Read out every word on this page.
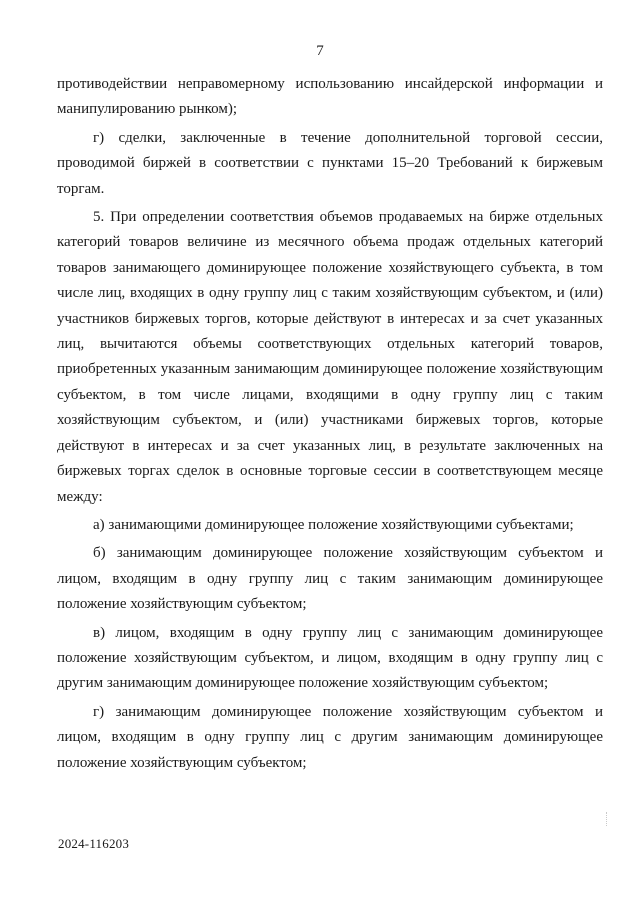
7

противодействии неправомерному использованию инсайдерской информации и манипулированию рынком);

г) сделки, заключенные в течение дополнительной торговой сессии, проводимой биржей в соответствии с пунктами 15–20 Требований к биржевым торгам.

5. При определении соответствия объемов продаваемых на бирже отдельных категорий товаров величине из месячного объема продаж отдельных категорий товаров занимающего доминирующее положение хозяйствующего субъекта, в том числе лиц, входящих в одну группу лиц с таким хозяйствующим субъектом, и (или) участников биржевых торгов, которые действуют в интересах и за счет указанных лиц, вычитаются объемы соответствующих отдельных категорий товаров, приобретенных указанным занимающим доминирующее положение хозяйствующим субъектом, в том числе лицами, входящими в одну группу лиц с таким хозяйствующим субъектом, и (или) участниками биржевых торгов, которые действуют в интересах и за счет указанных лиц, в результате заключенных на биржевых торгах сделок в основные торговые сессии в соответствующем месяце между:

а) занимающими доминирующее положение хозяйствующими субъектами;

б) занимающим доминирующее положение хозяйствующим субъектом и лицом, входящим в одну группу лиц с таким занимающим доминирующее положение хозяйствующим субъектом;

в) лицом, входящим в одну группу лиц с занимающим доминирующее положение хозяйствующим субъектом, и лицом, входящим в одну группу лиц с другим занимающим доминирующее положение хозяйствующим субъектом;

г) занимающим доминирующее положение хозяйствующим субъектом и лицом, входящим в одну группу лиц с другим занимающим доминирующее положение хозяйствующим субъектом;

2024-116203
